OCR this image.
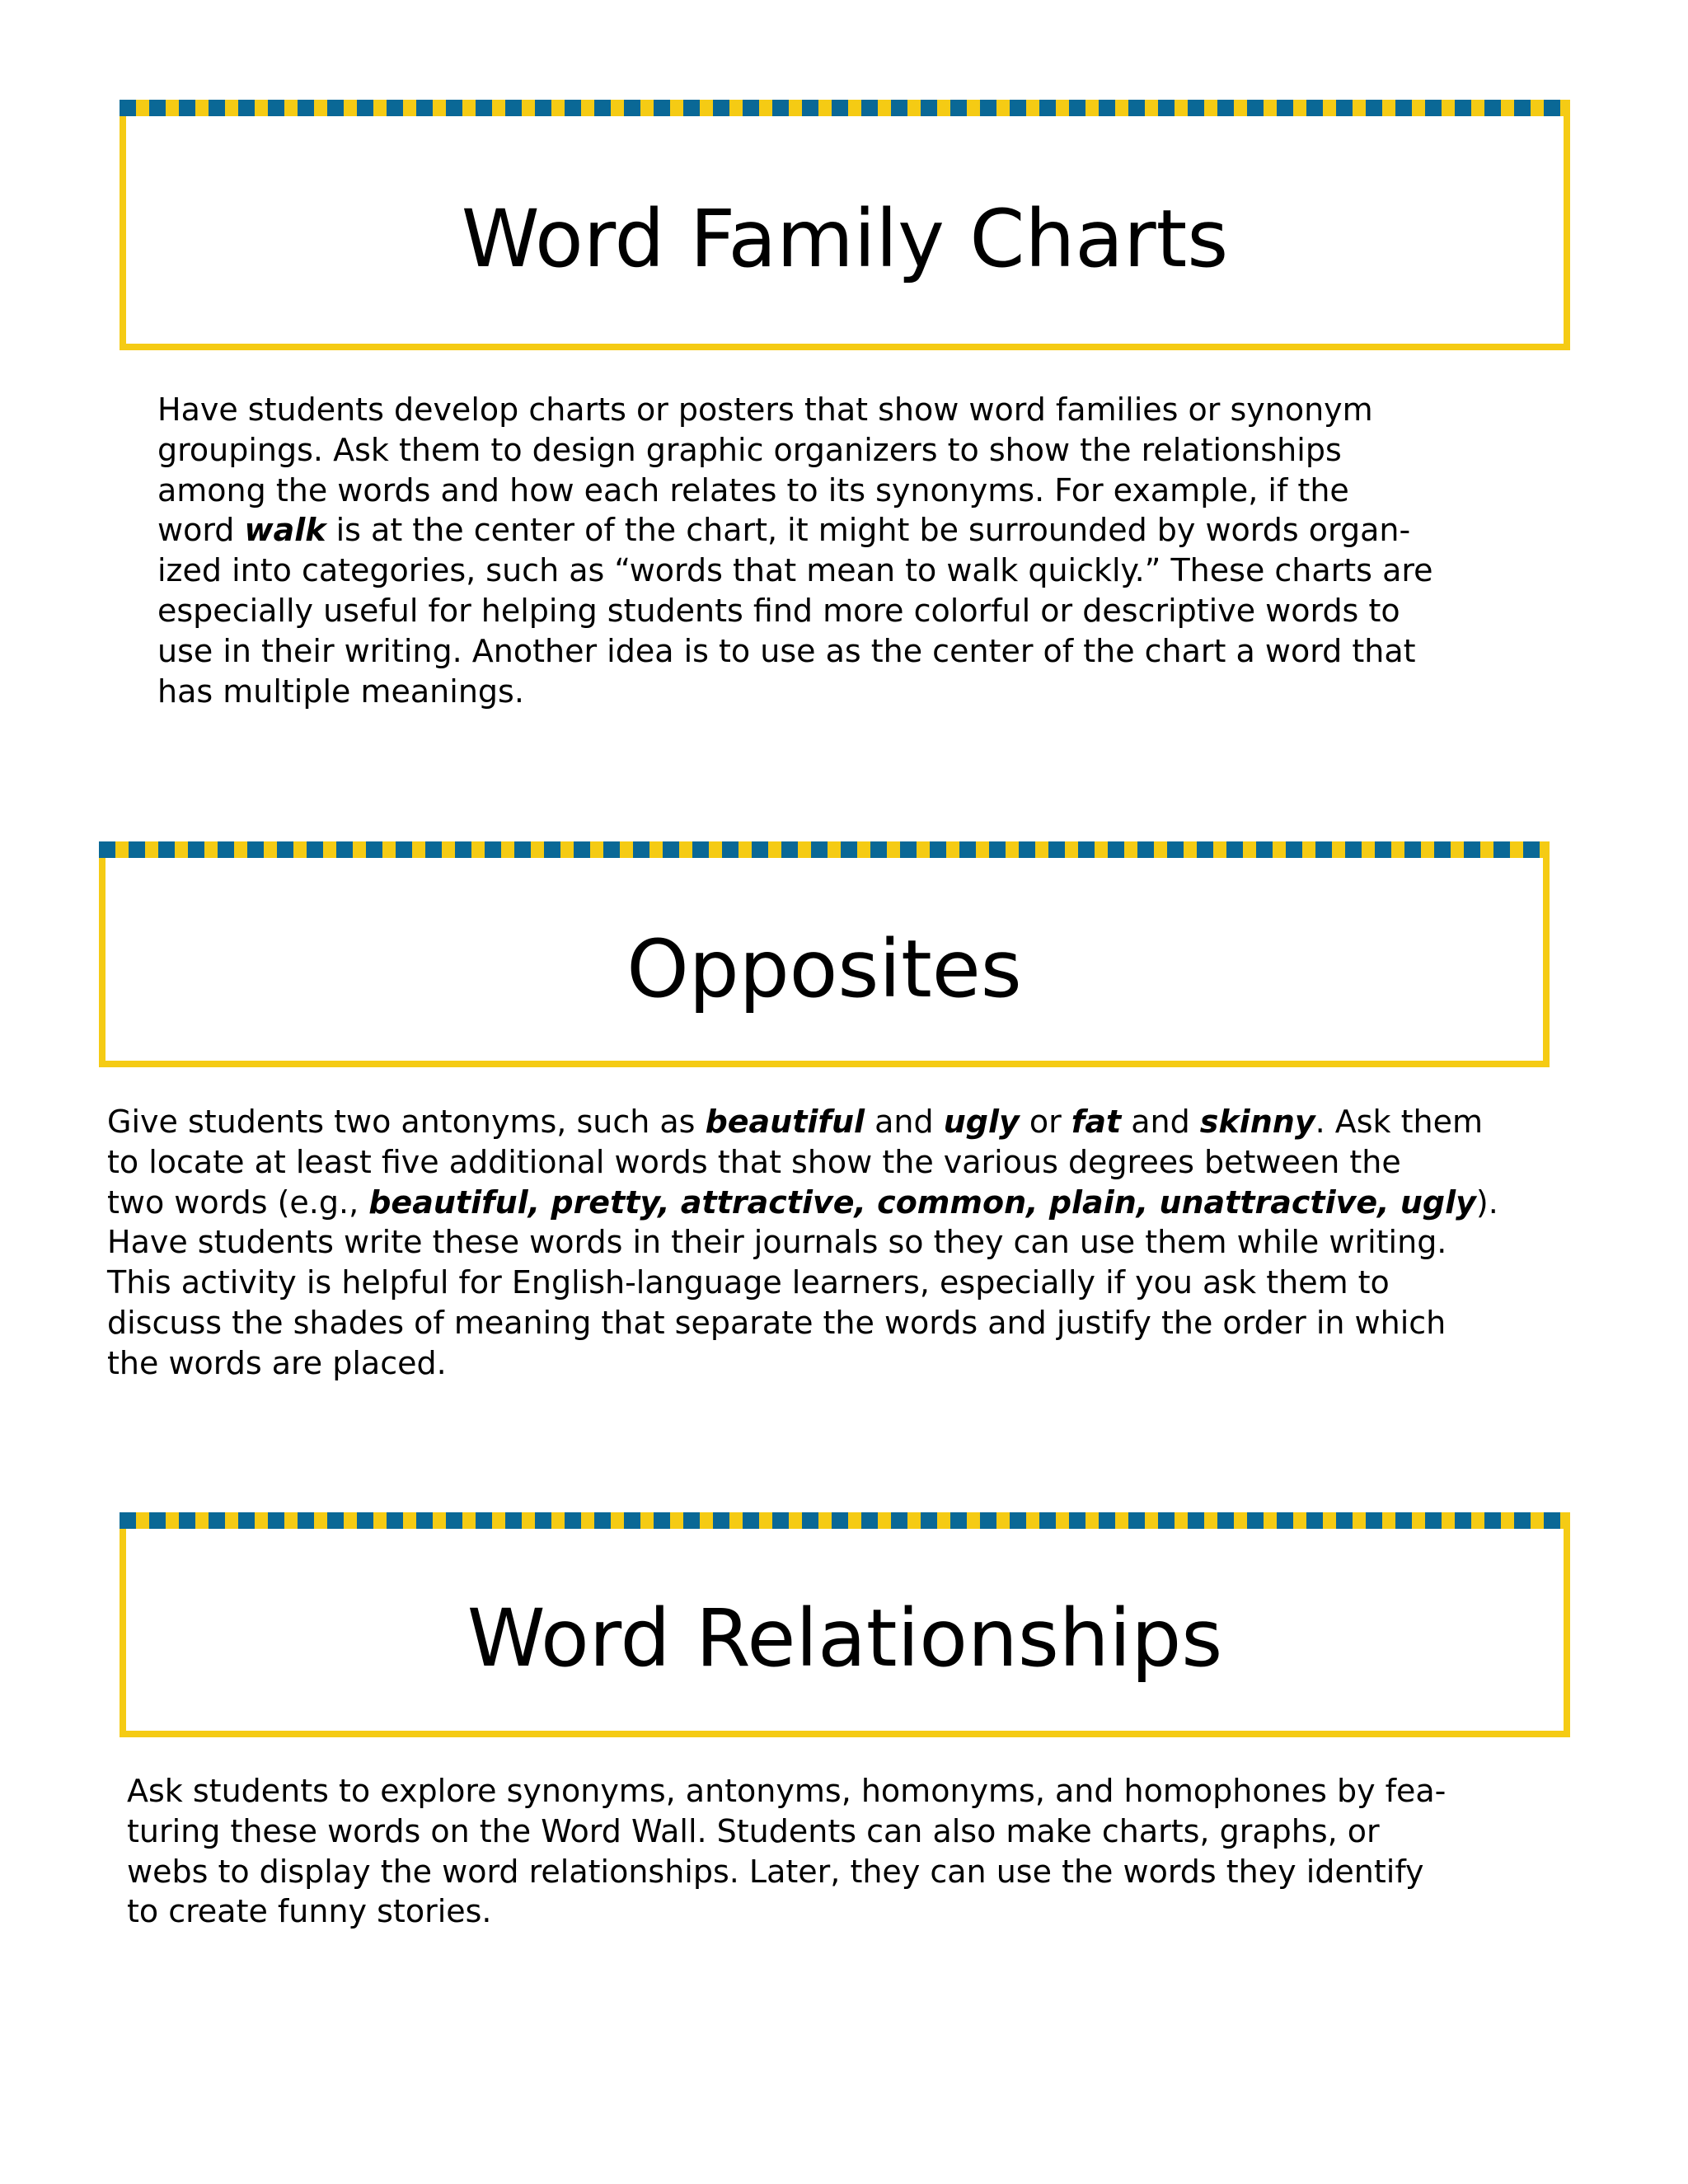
Word Family Charts

Have students develop charts or posters that show word families or synonym
groupings. Ask them to design graphic organizers to show the relationships
among the words and how each relates to its synonyms. For example, if the
word walk is at the center of the chart, it might be surrounded by words organ-
ized into categories, such as “words that mean to walk quickly.” These charts are
especially useful for helping students find more colorful or descriptive words to
use in their writing. Another idea is to use as the center of the chart a word that
has multiple meanings.

Opposites

Give students two antonyms, such as beautiful and ugly or fat and skinny. Ask them
to locate at least five additional words that show the various degrees between the
two words (e.g., beautiful, pretty, attractive, common, plain, unattractive, ugly).
Have students write these words in their journals so they can use them while writing.
This activity is helpful for English-language learners, especially if you ask them to
discuss the shades of meaning that separate the words and justify the order in which
the words are placed.

Word Relationships

Ask students to explore synonyms, antonyms, homonyms, and homophones by fea-
turing these words on the Word Wall. Students can also make charts, graphs, or
webs to display the word relationships. Later, they can use the words they identify
to create funny stories.
